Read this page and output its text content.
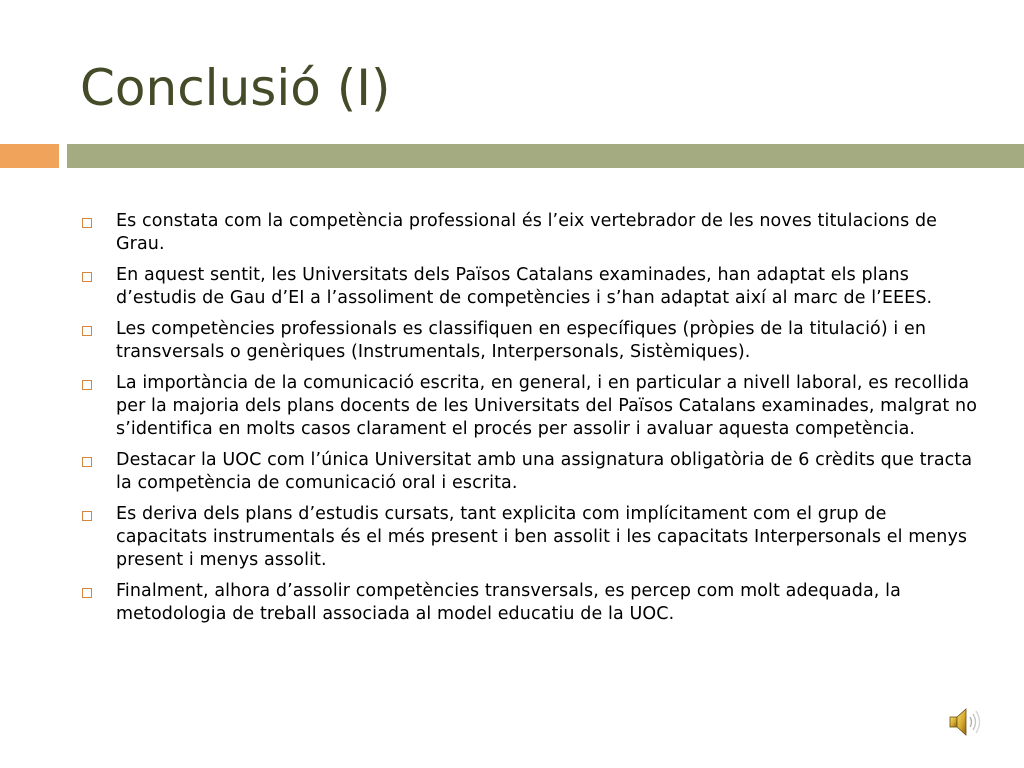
Conclusió (I)
Es constata com la competència professional és l’eix vertebrador de les noves titulacions de Grau.
En aquest sentit, les Universitats dels Països Catalans examinades, han adaptat els plans d’estudis de Gau d’EI a l’assoliment de competències i s’han adaptat així al marc de l’EEES.
Les competències professionals es classifiquen en específiques (pròpies de la titulació) i en transversals o genèriques (Instrumentals, Interpersonals, Sistèmiques).
La importància de la comunicació escrita, en general, i en particular a nivell laboral, es recollida per la majoria dels plans docents de les Universitats del Països Catalans examinades, malgrat no s’identifica en molts casos clarament el procés per assolir i avaluar aquesta competència.
Destacar la UOC com l’única Universitat amb una assignatura obligatòria de 6 crèdits que tracta la competència de comunicació oral i escrita.
Es deriva dels plans d’estudis cursats, tant explicita com implícitament com el grup de capacitats instrumentals és el més present i ben assolit i les capacitats Interpersonals el menys present i menys assolit.
Finalment, alhora d’assolir competències transversals, es percep com molt adequada, la metodologia de treball associada al model educatiu de la UOC.
